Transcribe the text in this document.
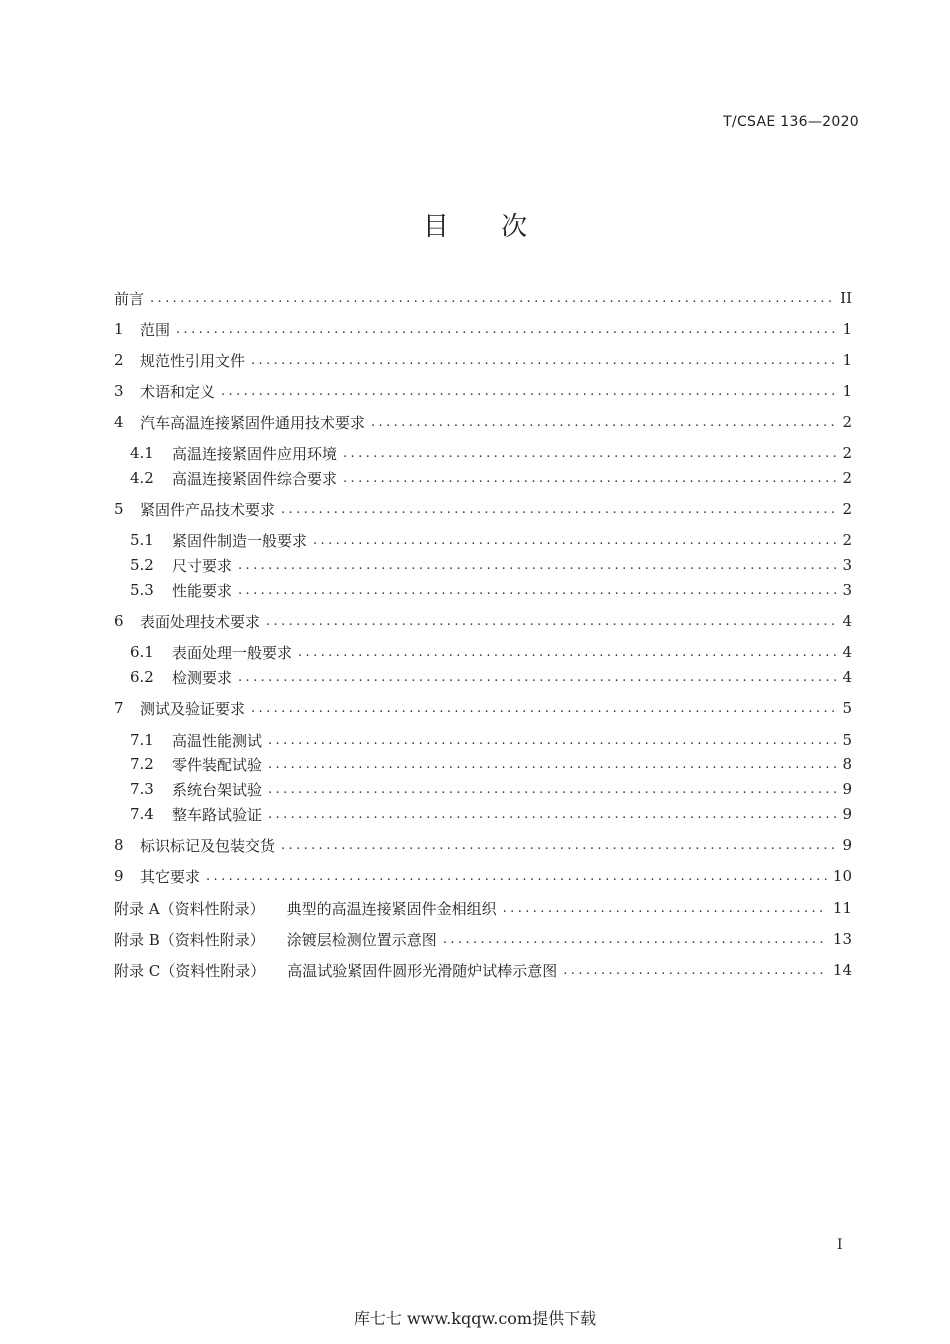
T/CSAE 136—2020
目 次
前言 .....	II
1	范围 .....	1
2	规范性引用文件 .....	1
3	术语和定义 .....	1
4	汽车高温连接紧固件通用技术要求 .....	2
4.1	高温连接紧固件应用环境 .....	2
4.2	高温连接紧固件综合要求 .....	2
5	紧固件产品技术要求 .....	2
5.1	紧固件制造一般要求 .....	2
5.2	尺寸要求 .....	3
5.3	性能要求 .....	3
6	表面处理技术要求 .....	4
6.1	表面处理一般要求 .....	4
6.2	检测要求 .....	4
7	测试及验证要求 .....	5
7.1	高温性能测试 .....	5
7.2	零件装配试验 .....	8
7.3	系统台架试验 .....	9
7.4	整车路试验证 .....	9
8	标识标记及包装交货 .....	9
9	其它要求 .....	10
附录 A（资料性附录） 典型的高温连接紧固件金相组织 .....	11
附录 B（资料性附录） 涂镀层检测位置示意图 .....	13
附录 C（资料性附录） 高温试验紧固件圆形光滑随炉试棒示意图 .....	14
I
库七七 www.kqqw.com提供下载
